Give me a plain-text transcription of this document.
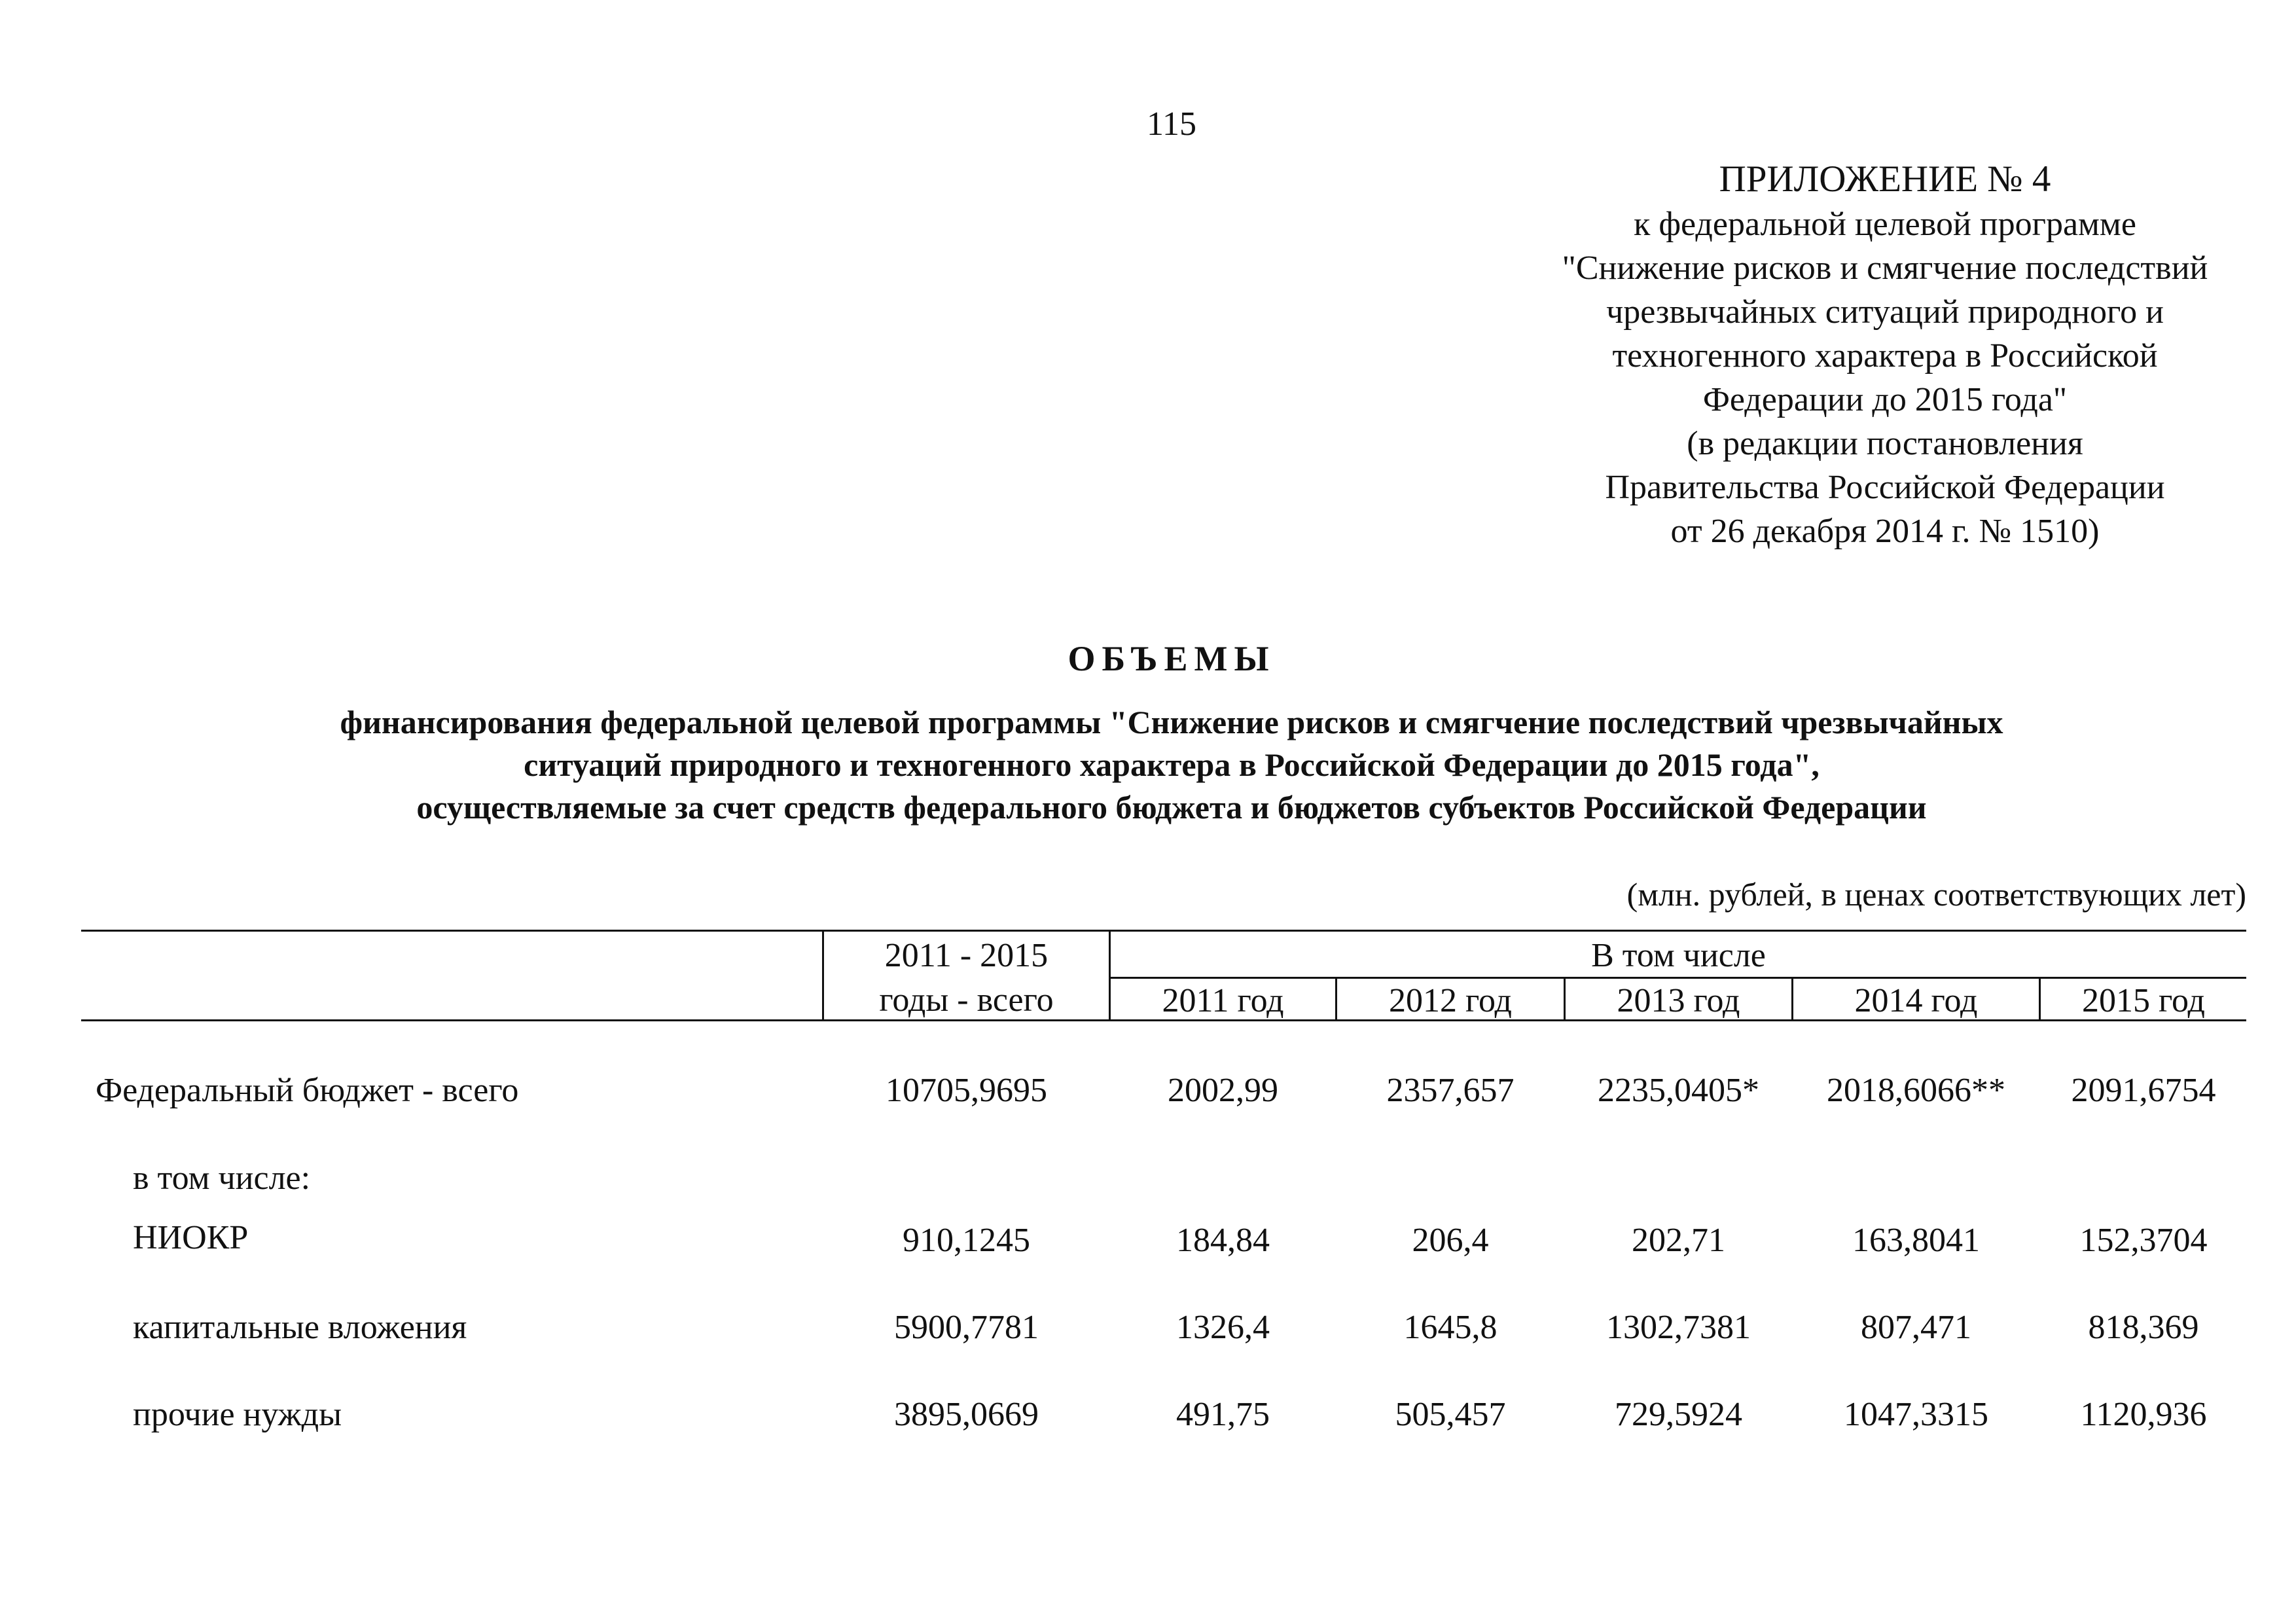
115
ПРИЛОЖЕНИЕ № 4
к федеральной целевой программе
"Снижение рисков и смягчение последствий
чрезвычайных ситуаций природного и
техногенного характера в Российской
Федерации до 2015 года"
(в редакции постановления
Правительства Российской Федерации
от 26 декабря 2014 г. № 1510)
ОБЪЕМЫ
финансирования федеральной целевой программы "Снижение рисков и смягчение последствий чрезвычайных
ситуаций природного и техногенного характера в Российской Федерации до 2015 года",
осуществляемые за счет средств федерального бюджета и бюджетов субъектов Российской Федерации
(млн. рублей, в ценах соответствующих лет)
2011 - 2015
годы - всего
В том числе
2011 год	2012 год	2013 год	2014 год	2015 год
Федеральный бюджет - всего	10705,9695	2002,99	2357,657	2235,0405*	2018,6066**	2091,6754
в том числе:
НИОКР	910,1245	184,84	206,4	202,71	163,8041	152,3704
капитальные вложения	5900,7781	1326,4	1645,8	1302,7381	807,471	818,369
прочие нужды	3895,0669	491,75	505,457	729,5924	1047,3315	1120,936
